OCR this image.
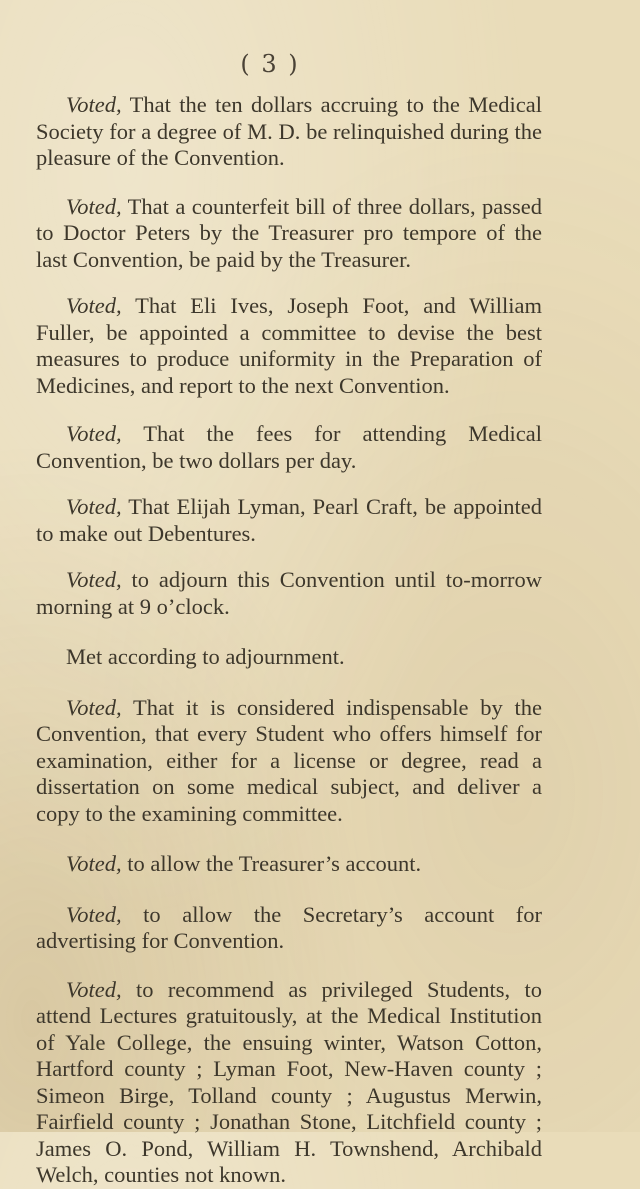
( 3 )

Voted, That the ten dollars accruing to the Medical Society for a degree of M. D. be relinquished during the pleasure of the Convention.

Voted, That a counterfeit bill of three dollars, passed to Doctor Peters by the Treasurer pro tempore of the last Convention, be paid by the Treasurer.

Voted, That Eli Ives, Joseph Foot, and William Fuller, be appointed a committee to devise the best measures to produce uniformity in the Preparation of Medicines, and report to the next Convention.

Voted, That the fees for attending Medical Convention, be two dollars per day.

Voted, That Elijah Lyman, Pearl Craft, be appointed to make out Debentures.

Voted, to adjourn this Convention until to-morrow morning at 9 o’clock.

Met according to adjournment.

Voted, That it is considered indispensable by the Convention, that every Student who offers himself for examination, either for a license or degree, read a dissertation on some medical subject, and deliver a copy to the examining committee.

Voted, to allow the Treasurer’s account.

Voted, to allow the Secretary’s account for advertising for Convention.

Voted, to recommend as privileged Students, to attend Lectures gratuitously, at the Medical Institution of Yale College, the ensuing winter, Watson Cotton, Hartford county ; Lyman Foot, New-Haven county ; Simeon Birge, Tolland county ; Augustus Merwin, Fairfield county ; Jonathan Stone, Litchfield county ; James O. Pond, William H. Townshend, Archibald Welch, counties not known.
